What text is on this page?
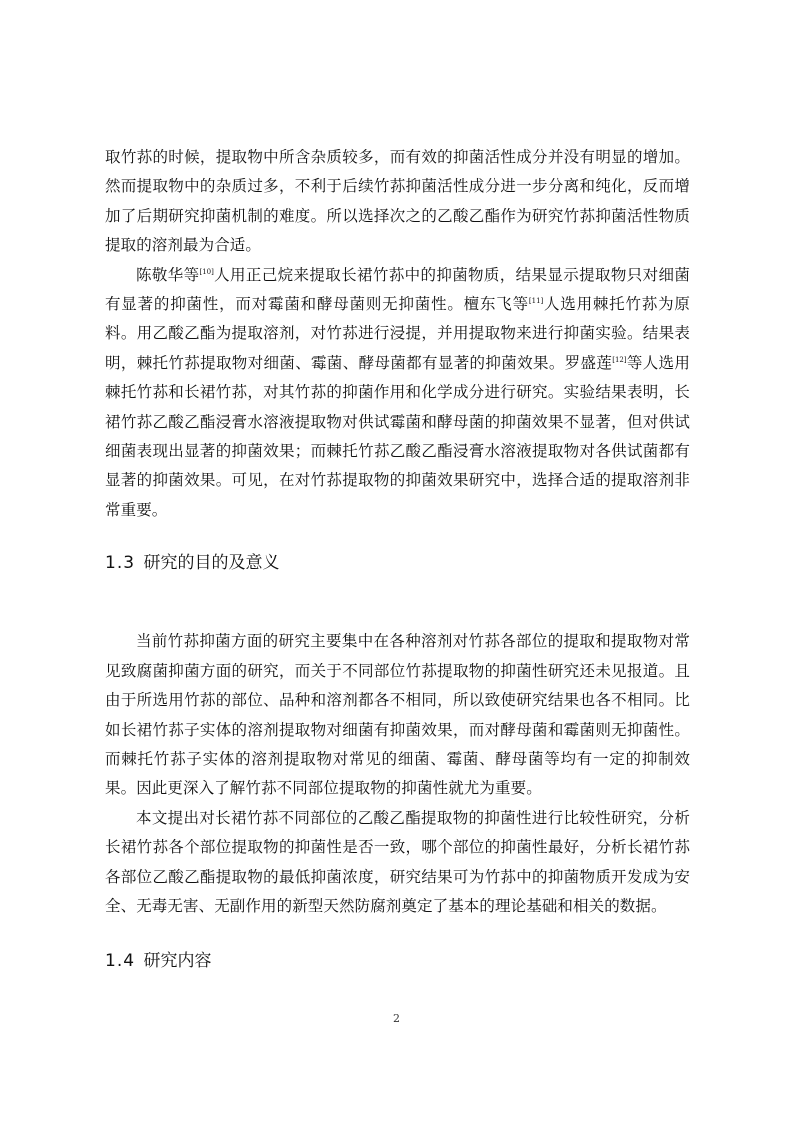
取竹荪的时候，提取物中所含杂质较多，而有效的抑菌活性成分并没有明显的增加。然而提取物中的杂质过多，不利于后续竹荪抑菌活性成分进一步分离和纯化，反而增加了后期研究抑菌机制的难度。所以选择次之的乙酸乙酯作为研究竹荪抑菌活性物质提取的溶剂最为合适。

陈敬华等[10]人用正己烷来提取长裙竹荪中的抑菌物质，结果显示提取物只对细菌有显著的抑菌性，而对霉菌和酵母菌则无抑菌性。檀东飞等[11]人选用棘托竹荪为原料。用乙酸乙酯为提取溶剂，对竹荪进行浸提，并用提取物来进行抑菌实验。结果表明，棘托竹荪提取物对细菌、霉菌、酵母菌都有显著的抑菌效果。罗盛莲[12]等人选用棘托竹荪和长裙竹荪，对其竹荪的抑菌作用和化学成分进行研究。实验结果表明，长裙竹荪乙酸乙酯浸膏水溶液提取物对供试霉菌和酵母菌的抑菌效果不显著，但对供试细菌表现出显著的抑菌效果；而棘托竹荪乙酸乙酯浸膏水溶液提取物对各供试菌都有显著的抑菌效果。可见，在对竹荪提取物的抑菌效果研究中，选择合适的提取溶剂非常重要。

1.3  研究的目的及意义

当前竹荪抑菌方面的研究主要集中在各种溶剂对竹荪各部位的提取和提取物对常见致腐菌抑菌方面的研究，而关于不同部位竹荪提取物的抑菌性研究还未见报道。且由于所选用竹荪的部位、品种和溶剂都各不相同，所以致使研究结果也各不相同。比如长裙竹荪子实体的溶剂提取物对细菌有抑菌效果，而对酵母菌和霉菌则无抑菌性。而棘托竹荪子实体的溶剂提取物对常见的细菌、霉菌、酵母菌等均有一定的抑制效果。因此更深入了解竹荪不同部位提取物的抑菌性就尤为重要。

本文提出对长裙竹荪不同部位的乙酸乙酯提取物的抑菌性进行比较性研究，分析长裙竹荪各个部位提取物的抑菌性是否一致，哪个部位的抑菌性最好，分析长裙竹荪各部位乙酸乙酯提取物的最低抑菌浓度，研究结果可为竹荪中的抑菌物质开发成为安全、无毒无害、无副作用的新型天然防腐剂奠定了基本的理论基础和相关的数据。

1.4  研究内容
2
